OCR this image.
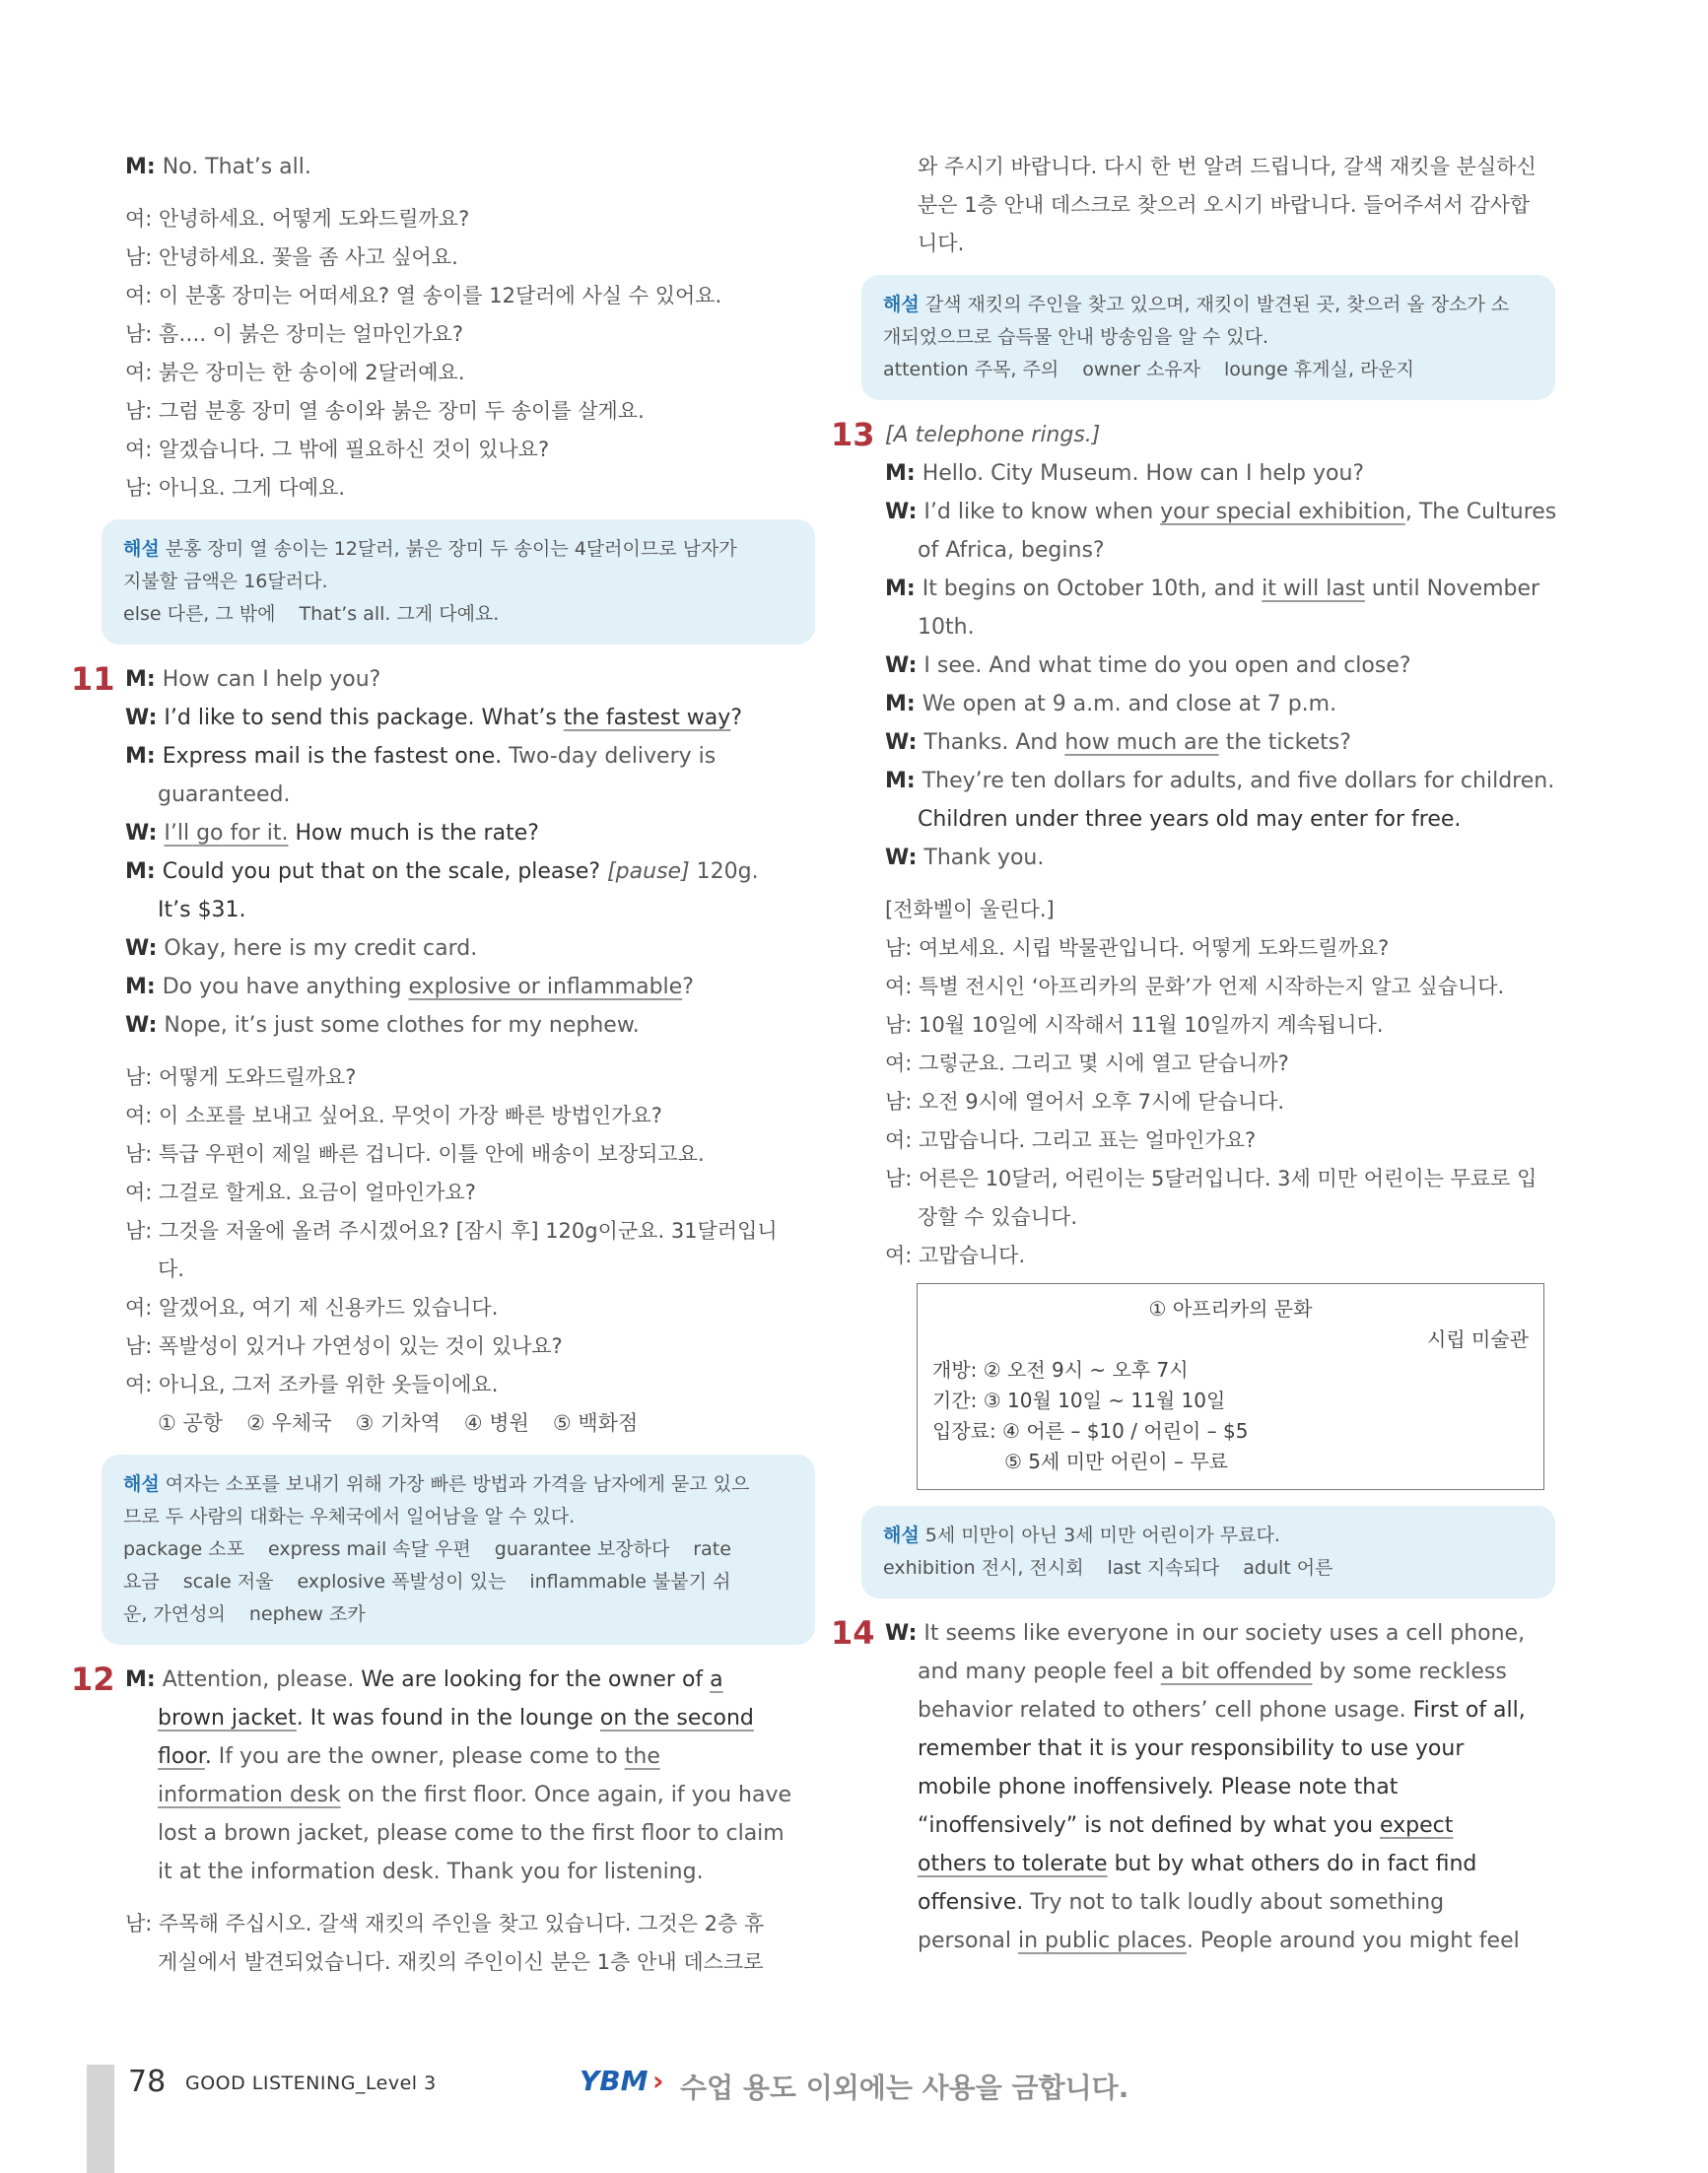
M: No. That’s all.
여: 안녕하세요. 어떻게 도와드릴까요?
남: 안녕하세요. 꽃을 좀 사고 싶어요.
여: 이 분홍 장미는 어떠세요? 열 송이를 12달러에 사실 수 있어요.
남: 흠…. 이 붉은 장미는 얼마인가요?
여: 붉은 장미는 한 송이에 2달러예요.
남: 그럼 분홍 장미 열 송이와 붉은 장미 두 송이를 살게요.
여: 알겠습니다. 그 밖에 필요하신 것이 있나요?
남: 아니요. 그게 다예요.
해설 분홍 장미 열 송이는 12달러, 붉은 장미 두 송이는 4달러이므로 남자가
지불할 금액은 16달러다.
else 다른, 그 밖에 That’s all. 그게 다예요.
11 M: How can I help you?
W: I’d like to send this package. What’s the fastest way?
M: Express mail is the fastest one. Two-day delivery is
guaranteed.
W: I’ll go for it. How much is the rate?
M: Could you put that on the scale, please? [pause] 120g.
It’s $31.
W: Okay, here is my credit card.
M: Do you have anything explosive or inflammable?
W: Nope, it’s just some clothes for my nephew.
남: 어떻게 도와드릴까요?
여: 이 소포를 보내고 싶어요. 무엇이 가장 빠른 방법인가요?
남: 특급 우편이 제일 빠른 겁니다. 이틀 안에 배송이 보장되고요.
여: 그걸로 할게요. 요금이 얼마인가요?
남: 그것을 저울에 올려 주시겠어요? [잠시 후] 120g이군요. 31달러입니
다.
여: 알겠어요, 여기 제 신용카드 있습니다.
남: 폭발성이 있거나 가연성이 있는 것이 있나요?
여: 아니요, 그저 조카를 위한 옷들이에요.
① 공항 ② 우체국 ③ 기차역 ④ 병원 ⑤ 백화점
해설 여자는 소포를 보내기 위해 가장 빠른 방법과 가격을 남자에게 묻고 있으
므로 두 사람의 대화는 우체국에서 일어남을 알 수 있다.
package 소포 express mail 속달 우편 guarantee 보장하다 rate
요금 scale 저울 explosive 폭발성이 있는 inflammable 불붙기 쉬
운, 가연성의 nephew 조카
12 M: Attention, please. We are looking for the owner of a
brown jacket. It was found in the lounge on the second
floor. If you are the owner, please come to the
information desk on the first floor. Once again, if you have
lost a brown jacket, please come to the first floor to claim
it at the information desk. Thank you for listening.
남: 주목해 주십시오. 갈색 재킷의 주인을 찾고 있습니다. 그것은 2층 휴
게실에서 발견되었습니다. 재킷의 주인이신 분은 1층 안내 데스크로
와 주시기 바랍니다. 다시 한 번 알려 드립니다, 갈색 재킷을 분실하신
분은 1층 안내 데스크로 찾으러 오시기 바랍니다. 들어주셔서 감사합
니다.
해설 갈색 재킷의 주인을 찾고 있으며, 재킷이 발견된 곳, 찾으러 올 장소가 소
개되었으므로 습득물 안내 방송임을 알 수 있다.
attention 주목, 주의 owner 소유자 lounge 휴게실, 라운지
13 [A telephone rings.]
M: Hello. City Museum. How can I help you?
W: I’d like to know when your special exhibition, The Cultures
of Africa, begins?
M: It begins on October 10th, and it will last until November
10th.
W: I see. And what time do you open and close?
M: We open at 9 a.m. and close at 7 p.m.
W: Thanks. And how much are the tickets?
M: They’re ten dollars for adults, and five dollars for children.
Children under three years old may enter for free.
W: Thank you.
[전화벨이 울린다.]
남: 여보세요. 시립 박물관입니다. 어떻게 도와드릴까요?
여: 특별 전시인 ‘아프리카의 문화’가 언제 시작하는지 알고 싶습니다.
남: 10월 10일에 시작해서 11월 10일까지 계속됩니다.
여: 그렇군요. 그리고 몇 시에 열고 닫습니까?
남: 오전 9시에 열어서 오후 7시에 닫습니다.
여: 고맙습니다. 그리고 표는 얼마인가요?
남: 어른은 10달러, 어린이는 5달러입니다. 3세 미만 어린이는 무료로 입
장할 수 있습니다.
여: 고맙습니다.
① 아프리카의 문화
시립 미술관
개방: ② 오전 9시 ~ 오후 7시
기간: ③ 10월 10일 ~ 11월 10일
입장료: ④ 어른 – $10 / 어린이 – $5
⑤ 5세 미만 어린이 – 무료
해설 5세 미만이 아닌 3세 미만 어린이가 무료다.
exhibition 전시, 전시회 last 지속되다 adult 어른
14 W: It seems like everyone in our society uses a cell phone,
and many people feel a bit offended by some reckless
behavior related to others’ cell phone usage. First of all,
remember that it is your responsibility to use your
mobile phone inoffensively. Please note that
“inoffensively” is not defined by what you expect
others to tolerate but by what others do in fact find
offensive. Try not to talk loudly about something
personal in public places. People around you might feel
78 GOOD LISTENING_Level 3	YBM › 수업 용도 이외에는 사용을 금합니다.
